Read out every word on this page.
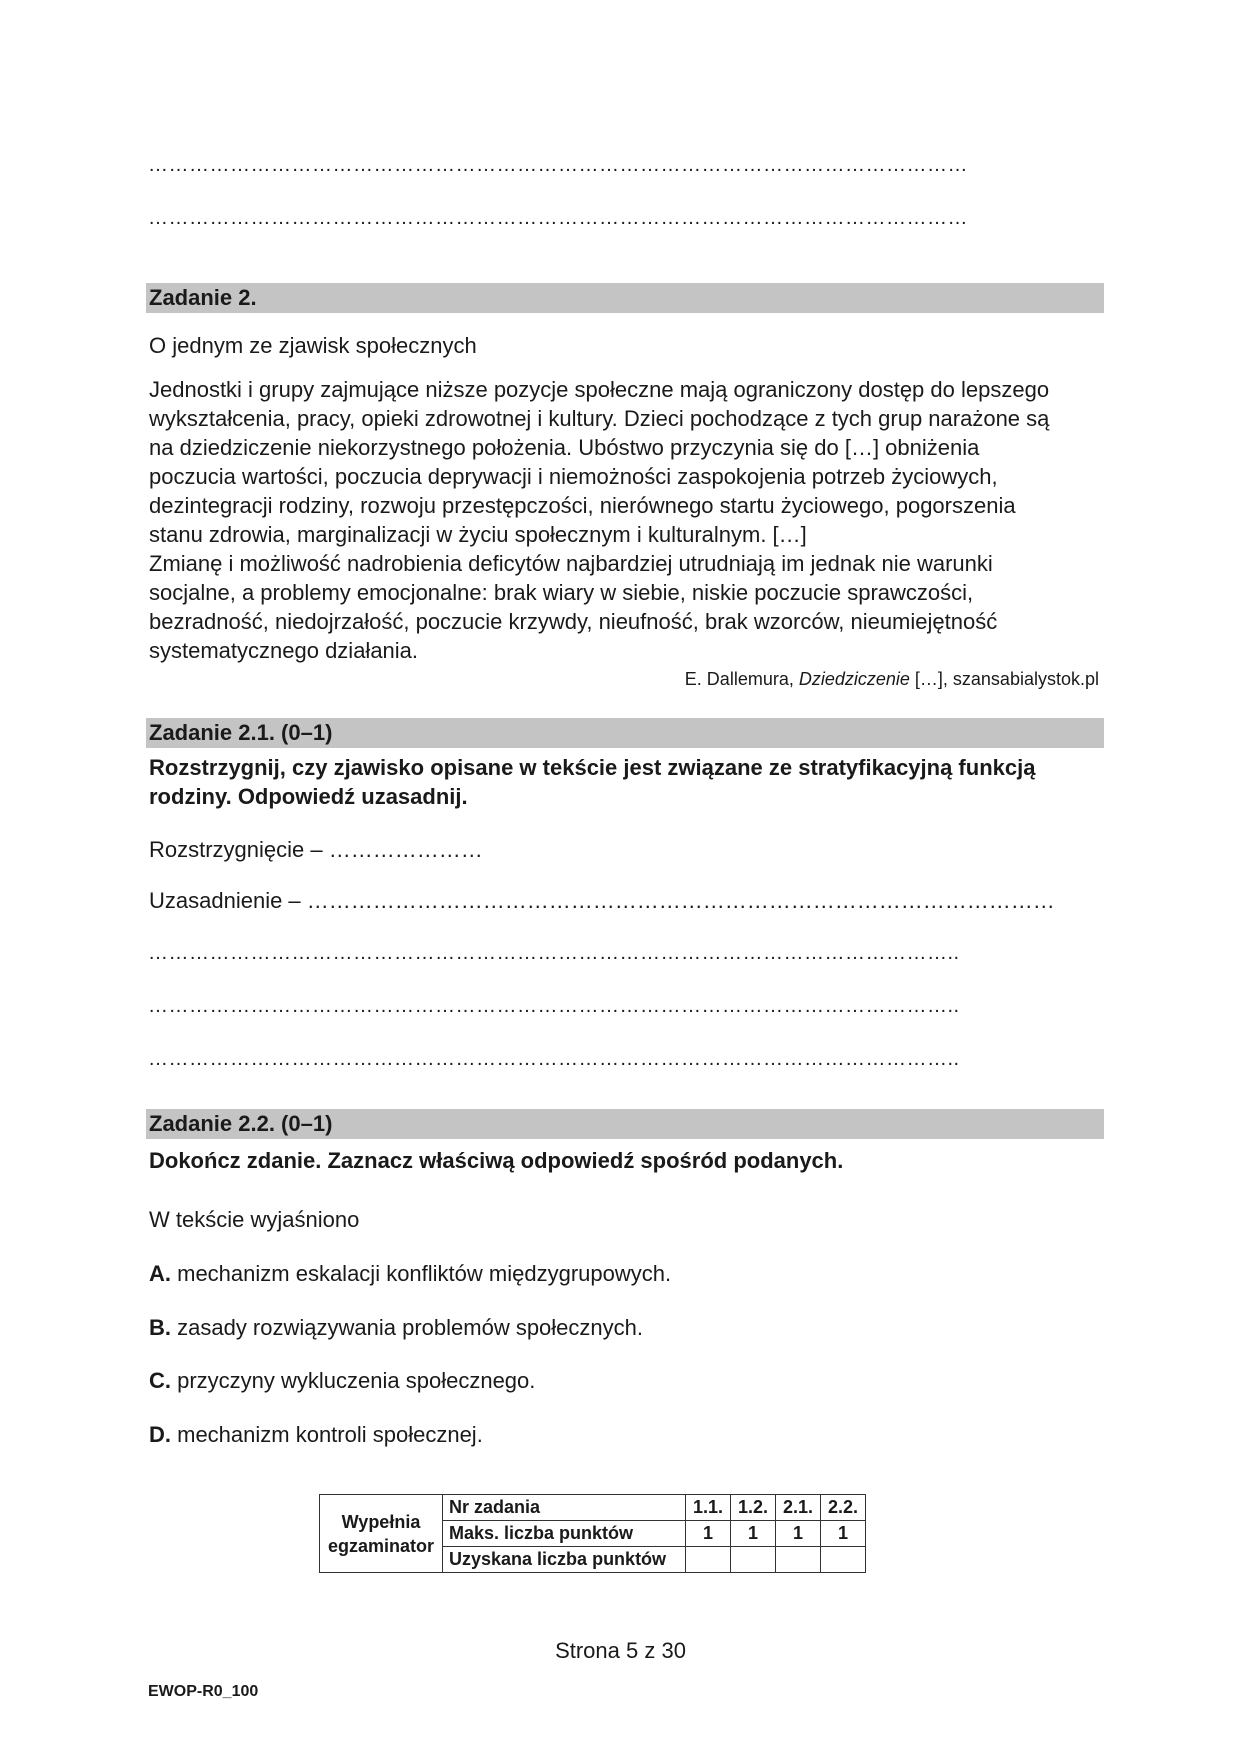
…………………………………………………………………………………………………………
…………………………………………………………………………………………………………
Zadanie 2.
O jednym ze zjawisk społecznych
Jednostki i grupy zajmujące niższe pozycje społeczne mają ograniczony dostęp do lepszego
wykształcenia, pracy, opieki zdrowotnej i kultury. Dzieci pochodzące z tych grup narażone są
na dziedziczenie niekorzystnego położenia. Ubóstwo przyczynia się do […] obniżenia
poczucia wartości, poczucia deprywacji i niemożności zaspokojenia potrzeb życiowych,
dezintegracji rodziny, rozwoju przestępczości, nierównego startu życiowego, pogorszenia
stanu zdrowia, marginalizacji w życiu społecznym i kulturalnym. […]
Zmianę i możliwość nadrobienia deficytów najbardziej utrudniają im jednak nie warunki
socjalne, a problemy emocjonalne: brak wiary w siebie, niskie poczucie sprawczości,
bezradność, niedojrzałość, poczucie krzywdy, nieufność, brak wzorców, nieumiejętność
systematycznego działania.
E. Dallemura, Dziedziczenie […], szansabialystok.pl
Zadanie 2.1. (0–1)
Rozstrzygnij, czy zjawisko opisane w tekście jest związane ze stratyfikacyjną funkcją
rodziny. Odpowiedź uzasadnij.
Rozstrzygnięcie – …………………
Uzasadnienie – …………………………………………………………………………………………
………………………………………………………………………………………………………..
………………………………………………………………………………………………………..
………………………………………………………………………………………………………..
Zadanie 2.2. (0–1)
Dokończ zdanie. Zaznacz właściwą odpowiedź spośród podanych.
W tekście wyjaśniono
A. mechanizm eskalacji konfliktów międzygrupowych.
B. zasady rozwiązywania problemów społecznych.
C. przyczyny wykluczenia społecznego.
D. mechanizm kontroli społecznej.
Wypełnia
egzaminator	Nr zadania	1.1.	1.2.	2.1.	2.2.
	Maks. liczba punktów	1	1	1	1
	Uzyskana liczba punktów				
Strona 5 z 30
EWOP-R0_100
